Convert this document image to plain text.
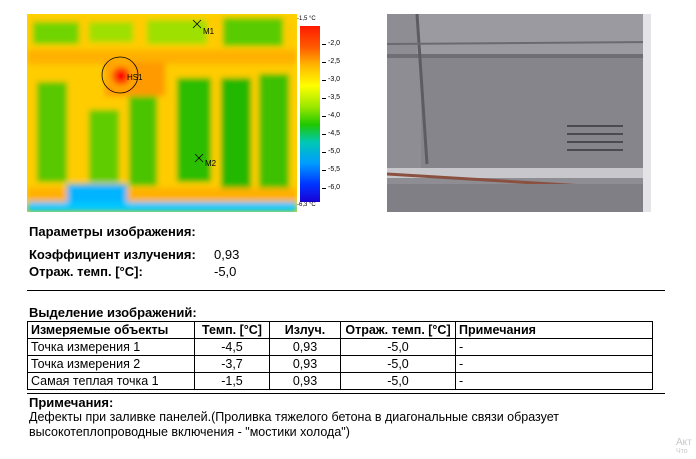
M1
M2
HS1
-1,5 °C
-6,3 °C
-2,0
-2,5
-3,0
-3,5
-4,0
-4,5
-5,0
-5,5
-6,0
Параметры изображения:
Коэффициент излучения: 0,93
Отраж. темп. [°C]:	-5,0
Выделение изображений:
Измеряемые объекты	Темп. [°C]	Излуч.	Отраж. темп. [°C]	Примечания
Точка измерения 1	-4,5	0,93	-5,0	-
Точка измерения 2	-3,7	0,93	-5,0	-
Самая теплая точка 1	-1,5	0,93	-5,0	-
Примечания:
Дефекты при заливке панелей.(Проливка тяжелого бетона в диагональные связи образует
высокотеплопроводные включения - "мостики холода")
Акт
Что
